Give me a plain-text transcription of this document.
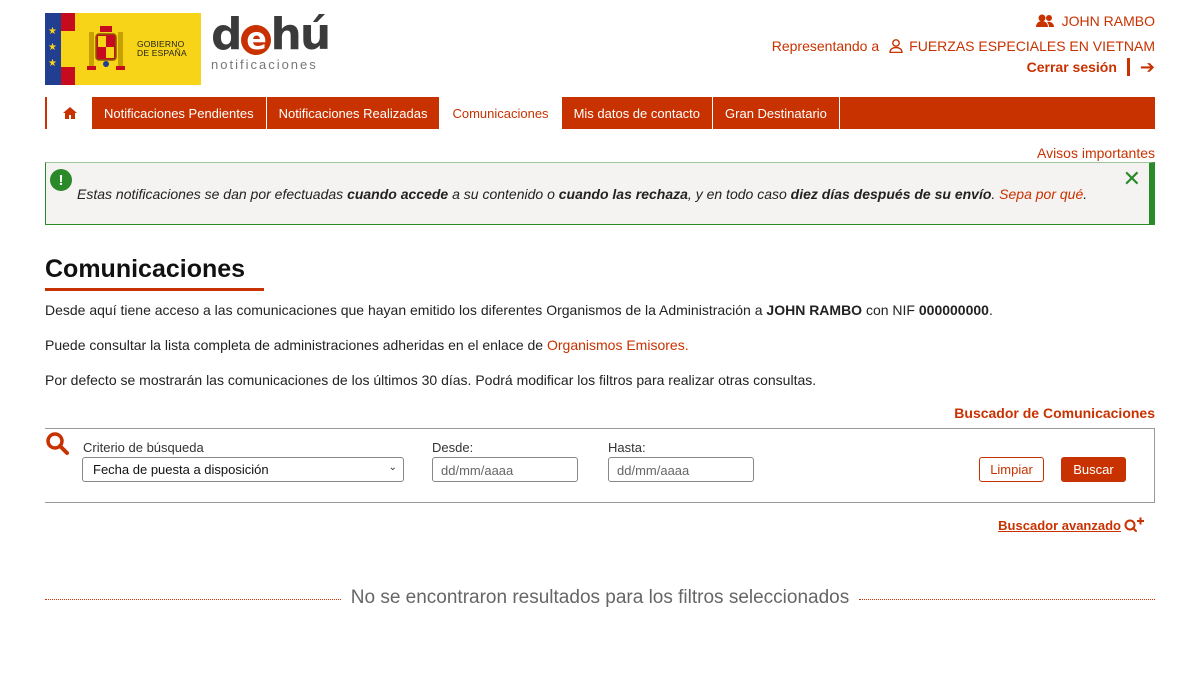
★
★
★
GOBIERNO
DE ESPAÑA d e hú
notificaciones
JOHN RAMBO
Representando a FUERZAS ESPECIALES EN VIETNAM
Cerrar sesión ➔
Notificaciones Pendientes	Notificaciones Realizadas	Comunicaciones	Mis datos de contacto	Gran Destinatario
Avisos importantes
!
Estas notificaciones se dan por efectuadas cuando accede a su contenido o cuando las rechaza, y en todo caso diez días después de su envío. Sepa por qué.
✕
Comunicaciones
Desde aquí tiene acceso a las comunicaciones que hayan emitido los diferentes Organismos de la Administración a JOHN RAMBO con NIF 000000000.
Puede consultar la lista completa de administraciones adheridas en el enlace de Organismos Emisores.
Por defecto se mostrarán las comunicaciones de los últimos 30 días. Podrá modificar los filtros para realizar otras consultas.
Buscador de Comunicaciones
Criterio de búsqueda
Fecha de puesta a disposición	⌄
Desde:
dd/mm/aaaa
Hasta:
dd/mm/aaaa	Limpiar	Buscar
Buscador avanzado
No se encontraron resultados para los filtros seleccionados
